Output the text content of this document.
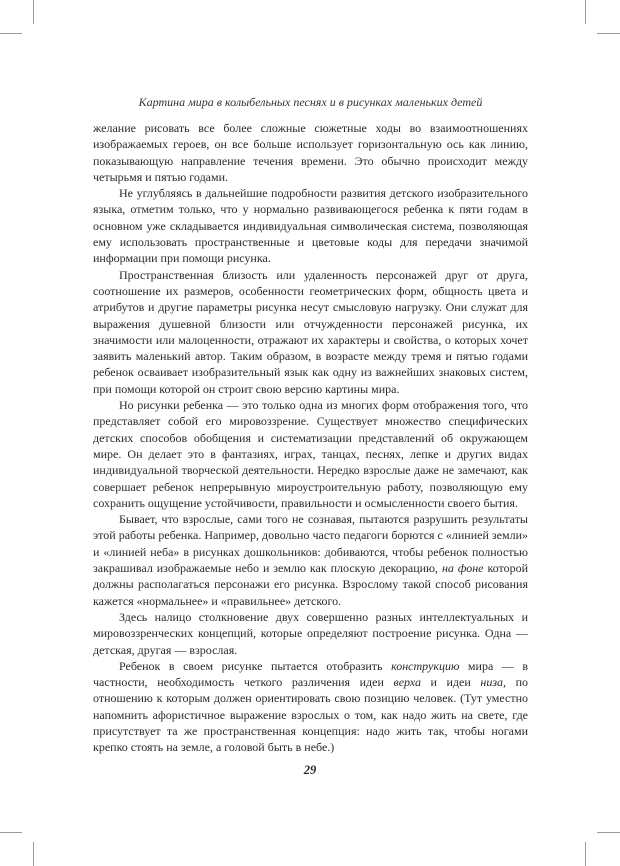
Картина мира в колыбельных песнях и в рисунках маленьких детей

желание рисовать все более сложные сюжетные ходы во взаимоотношениях изображаемых героев, он все больше использует горизонтальную ось как линию, показывающую направление течения времени. Это обычно происходит между четырьмя и пятью годами.

Не углубляясь в дальнейшие подробности развития детского изобразительного языка, отметим только, что у нормально развивающегося ребенка к пяти годам в основном уже складывается индивидуальная символическая система, позволяющая ему использовать пространственные и цветовые коды для передачи значимой информации при помощи рисунка.

Пространственная близость или удаленность персонажей друг от друга, соотношение их размеров, особенности геометрических форм, общность цвета и атрибутов и другие параметры рисунка несут смысловую нагрузку. Они служат для выражения душевной близости или отчужденности персонажей рисунка, их значимости или малоценности, отражают их характеры и свойства, о которых хочет заявить маленький автор. Таким образом, в возрасте между тремя и пятью годами ребенок осваивает изобразительный язык как одну из важнейших знаковых систем, при помощи которой он строит свою версию картины мира.

Но рисунки ребенка — это только одна из многих форм отображения того, что представляет собой его мировоззрение. Существует множество специфических детских способов обобщения и систематизации представлений об окружающем мире. Он делает это в фантазиях, играх, танцах, песнях, лепке и других видах индивидуальной творческой деятельности. Нередко взрослые даже не замечают, как совершает ребенок непрерывную мироустроительную работу, позволяющую ему сохранить ощущение устойчивости, правильности и осмысленности своего бытия.

Бывает, что взрослые, сами того не сознавая, пытаются разрушить результаты этой работы ребенка. Например, довольно часто педагоги борются с «линией земли» и «линией неба» в рисунках дошкольников: добиваются, чтобы ребенок полностью закрашивал изображаемые небо и землю как плоскую декорацию, на фоне которой должны располагаться персонажи его рисунка. Взрослому такой способ рисования кажется «нормальнее» и «правильнее» детского.

Здесь налицо столкновение двух совершенно разных интеллектуальных и мировоззренческих концепций, которые определяют построение рисунка. Одна — детская, другая — взрослая.

Ребенок в своем рисунке пытается отобразить конструкцию мира — в частности, необходимость четкого различения идеи верха и идеи низа, по отношению к которым должен ориентировать свою позицию человек. (Тут уместно напомнить афористичное выражение взрослых о том, как надо жить на свете, где присутствует та же пространственная концепция: надо жить так, чтобы ногами крепко стоять на земле, а головой быть в небе.)

29
